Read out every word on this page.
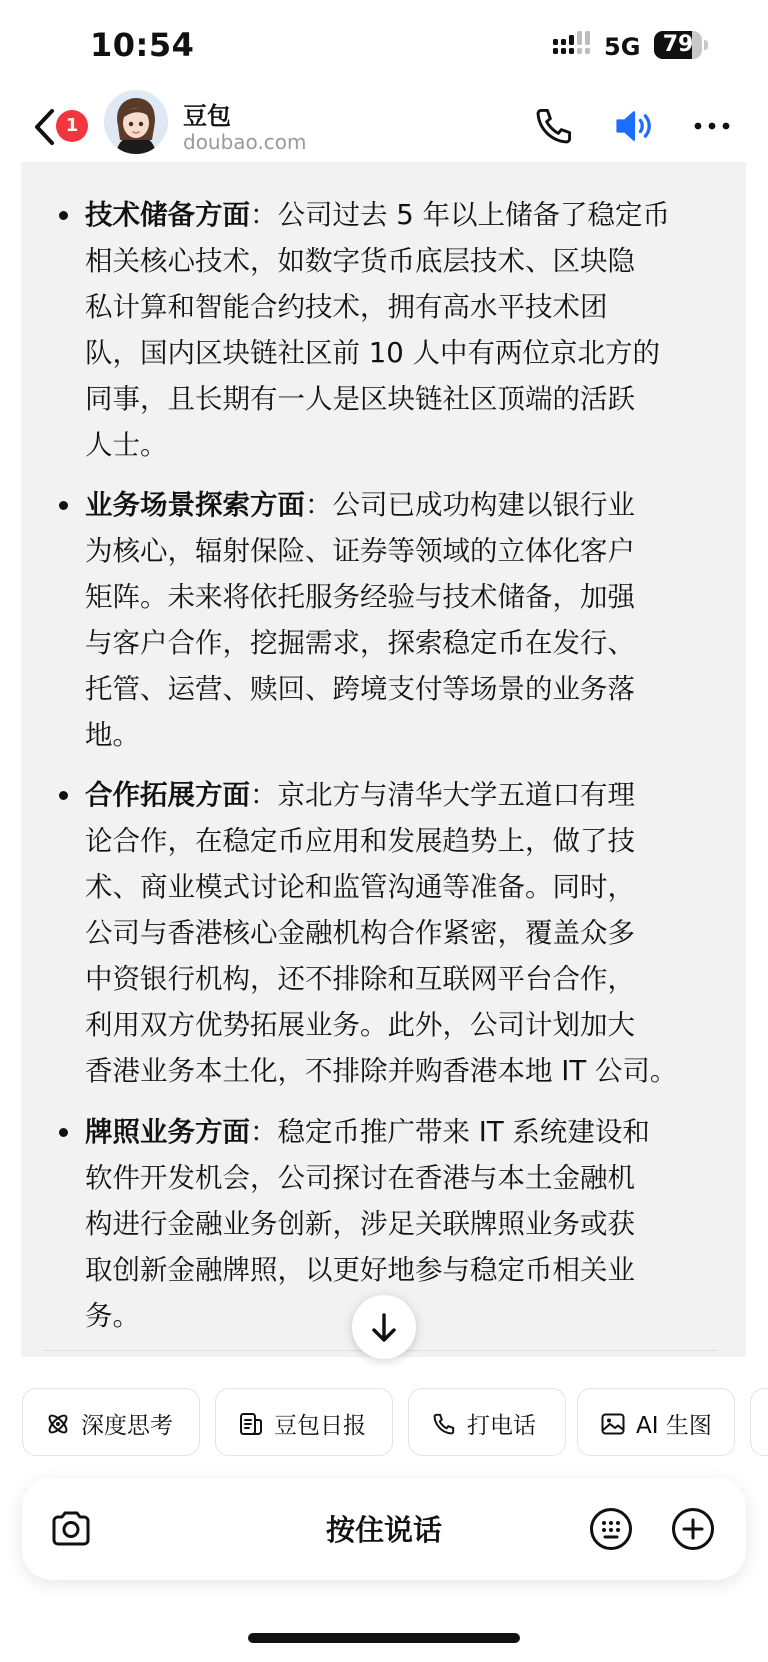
10:54	5G	79
1	豆包
doubao.com
技术储备方面：公司过去 5 年以上储备了稳定币
相关核心技术，如数字货币底层技术、区块隐
私计算和智能合约技术，拥有高水平技术团
队，国内区块链社区前 10 人中有两位京北方的
同事，且长期有一人是区块链社区顶端的活跃
人士。
业务场景探索方面：公司已成功构建以银行业
为核心，辐射保险、证券等领域的立体化客户
矩阵。未来将依托服务经验与技术储备，加强
与客户合作，挖掘需求，探索稳定币在发行、
托管、运营、赎回、跨境支付等场景的业务落
地。
合作拓展方面：京北方与清华大学五道口有理
论合作，在稳定币应用和发展趋势上，做了技
术、商业模式讨论和监管沟通等准备。同时，
公司与香港核心金融机构合作紧密，覆盖众多
中资银行机构，还不排除和互联网平台合作，
利用双方优势拓展业务。此外，公司计划加大
香港业务本土化，不排除并购香港本地 IT 公司。
牌照业务方面：稳定币推广带来 IT 系统建设和
软件开发机会，公司探讨在香港与本土金融机
构进行金融业务创新，涉足关联牌照业务或获
取创新金融牌照，以更好地参与稳定币相关业
务。
深度思考	豆包日报	打电话	AI 生图
按住说话
